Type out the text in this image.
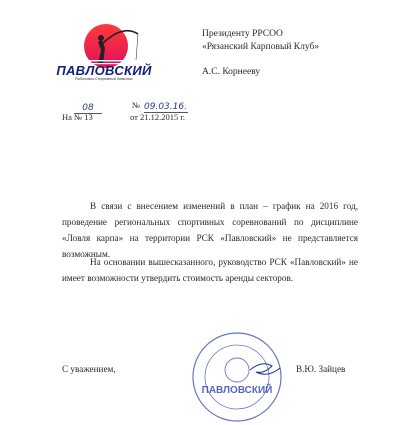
ПАВЛОВСКИЙ
Рыболовно-Спортивный Комплекс
Президенту РРСОО
«Рязанский Карповый Клуб»
А.С. Корнееву
08	№ 09.03.16.
На № 13	от 21.12.2015 г.
В связи с внесением изменений в план – график на 2016 год, проведение региональных спортивных соревнований по дисциплине «Ловля карпа» на территории РСК «Павловский» не представляется возможным.
На основании вышесказанного, руководство РСК «Павловский» не имеет возможности утвердить стоимость аренды секторов.
ПАВЛОВСКИЙ
С уважением,	В.Ю. Зайцев
